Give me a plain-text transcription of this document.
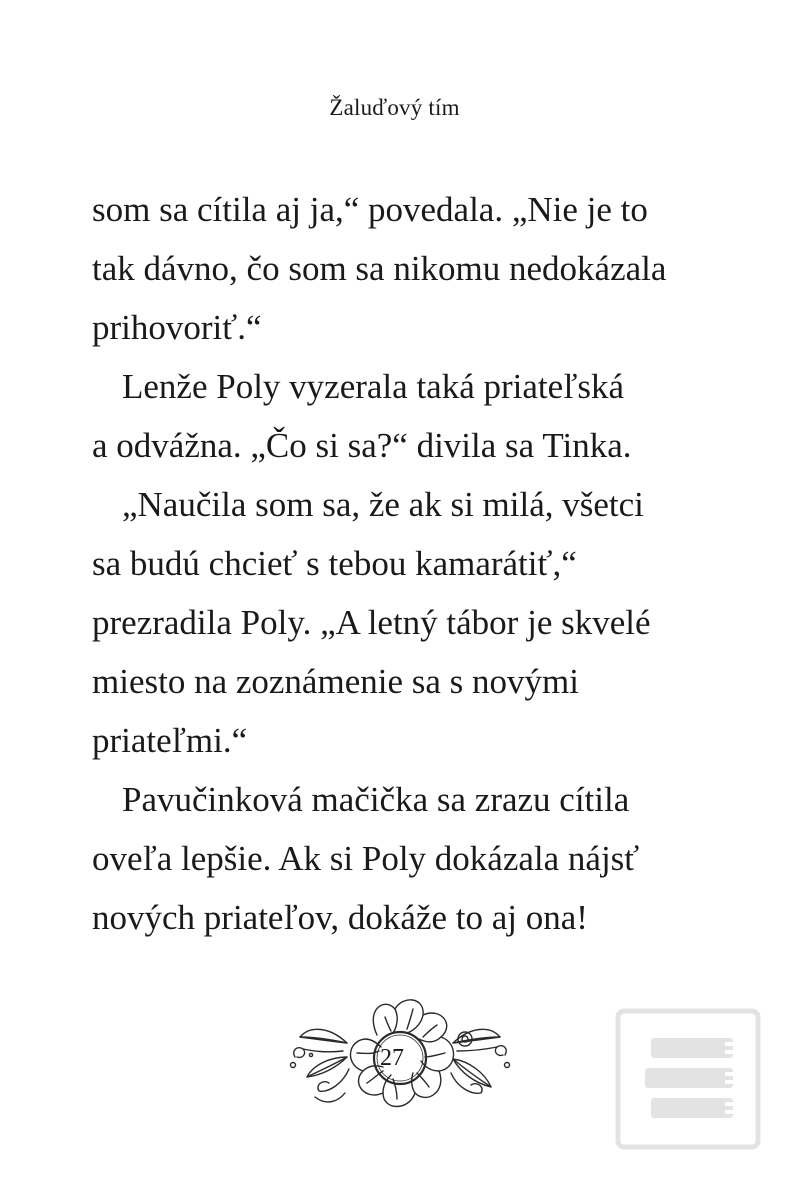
Žaluďový tím
som sa cítila aj ja,“ povedala. „Nie je to
tak dávno, čo som sa nikomu nedokázala
prihovoriť.“
Lenže Poly vyzerala taká priateľská
a odvážna. „Čo si sa?“ divila sa Tinka.
„Naučila som sa, že ak si milá, všetci
sa budú chcieť s tebou kamarátiť,“
prezradila Poly. „A letný tábor je skvelé
miesto na zoznámenie sa s novými
priateľmi.“
Pavučinková mačička sa zrazu cítila
oveľa lepšie. Ak si Poly dokázala nájsť
nových priateľov, dokáže to aj ona!
27
